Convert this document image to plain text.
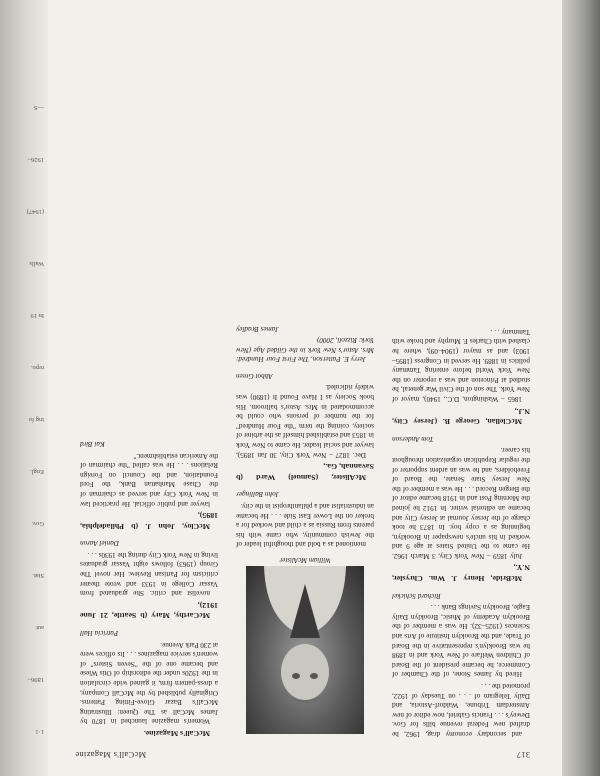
1·1
1896–
aut
Stat.
Gov.
Engl.
ing fo
repo.
In 19
Walls
(1947)
1926–
—S
317
McCall's Magazine

and secondary economy drag, 1962, he drafted new Federal revenue bills for Gov. Dewey's . . . Francis Gabriel, now editor of new Amsterdam Tribune, Waldorf-Astoria, and Daily Telegram of . . . on Tuesday of 1922, promoted the . . .

Hired by James Stone, of the Chamber of Commerce, he became president of the Board of Children Welfare of New York and in 1898 he was Brooklyn's representative in the Board of Trade, and the Brooklyn Institute of Arts and Sciences (1925–32). He was a member of the Brooklyn Academy of Music, Brooklyn Daily Eagle, Brooklyn Savings Bank . . .

Richard Schickel

McBride, Henry J. Wm. Chrysler, N.Y.,

July 1859 – New York City, 3 March 1962. He came to the United States at age 9 and worked in his uncle's newspaper in Brooklyn, beginning as a copy boy. In 1873 he took charge of the Jersey Journal at Jersey City and became an editorial writer. In 1912 he joined the Morning Post and in 1918 became editor of the Bergen Record . . . He was a member of the New Jersey State Senate, the Board of Freeholders, and he was an ardent supporter of the regular Republican organization throughout his career.

Tom Anderson

McClellan, George B. (Jersey City, N.J.,

1865 – Washington, D.C., 1940), mayor of New York. The son of the Civil War general, he studied at Princeton and was a reporter on the New York World before entering Tammany politics in 1889. He served in Congress (1895–1903) and as mayor (1904–09), where he clashed with Charles F. Murphy and broke with Tammany . . .

William McAlister

mentioned as a bold and thoughtful leader of the Jewish community, who came with his parents from Russia as a child and worked for a broker on the Lower East Side . . . He became an industrialist and a philanthropist in the city.

John Ballinger

McAlister, (Samuel) Ward (b Savannah, Ga.,

Dec. 1827 – New York City, 30 Jan 1895), lawyer and social leader. He came to New York in 1853 and established himself as the arbiter of society, coining the term "the Four Hundred" for the number of persons who could be accommodated in Mrs. Astor's ballroom. His book Society as I Have Found It (1890) was widely ridiculed.

Abbot Green

Jerry E. Patterson, The First Four Hundred: Mrs. Astor's New York in the Gilded Age (New York: Rizzoli, 2000)

James Bradley

McCall's Magazine.

Women's magazine launched in 1870 by James McCall as The Queen: Illustrating McCall's Bazar Glove-Fitting Patterns. Originally published by the McCall Company, a dress-pattern firm, it gained wide circulation in the 1920s under the editorship of Otis Wiese and became one of the "Seven Sisters" of women's service magazines . . . Its offices were at 230 Park Avenue.

Patricia Hall

McCarthy, Mary (b Seattle, 21 June 1912),

novelist and critic. She graduated from Vassar College in 1933 and wrote theater criticism for Partisan Review. Her novel The Group (1963) follows eight Vassar graduates living in New York City during the 1930s . . .

Daniel Aaron

McCloy, John J. (b Philadelphia, 1895),

lawyer and public official. He practiced law in New York City and served as chairman of the Chase Manhattan Bank, the Ford Foundation, and the Council on Foreign Relations . . . He was called "the chairman of the American establishment."

Kai Bird
